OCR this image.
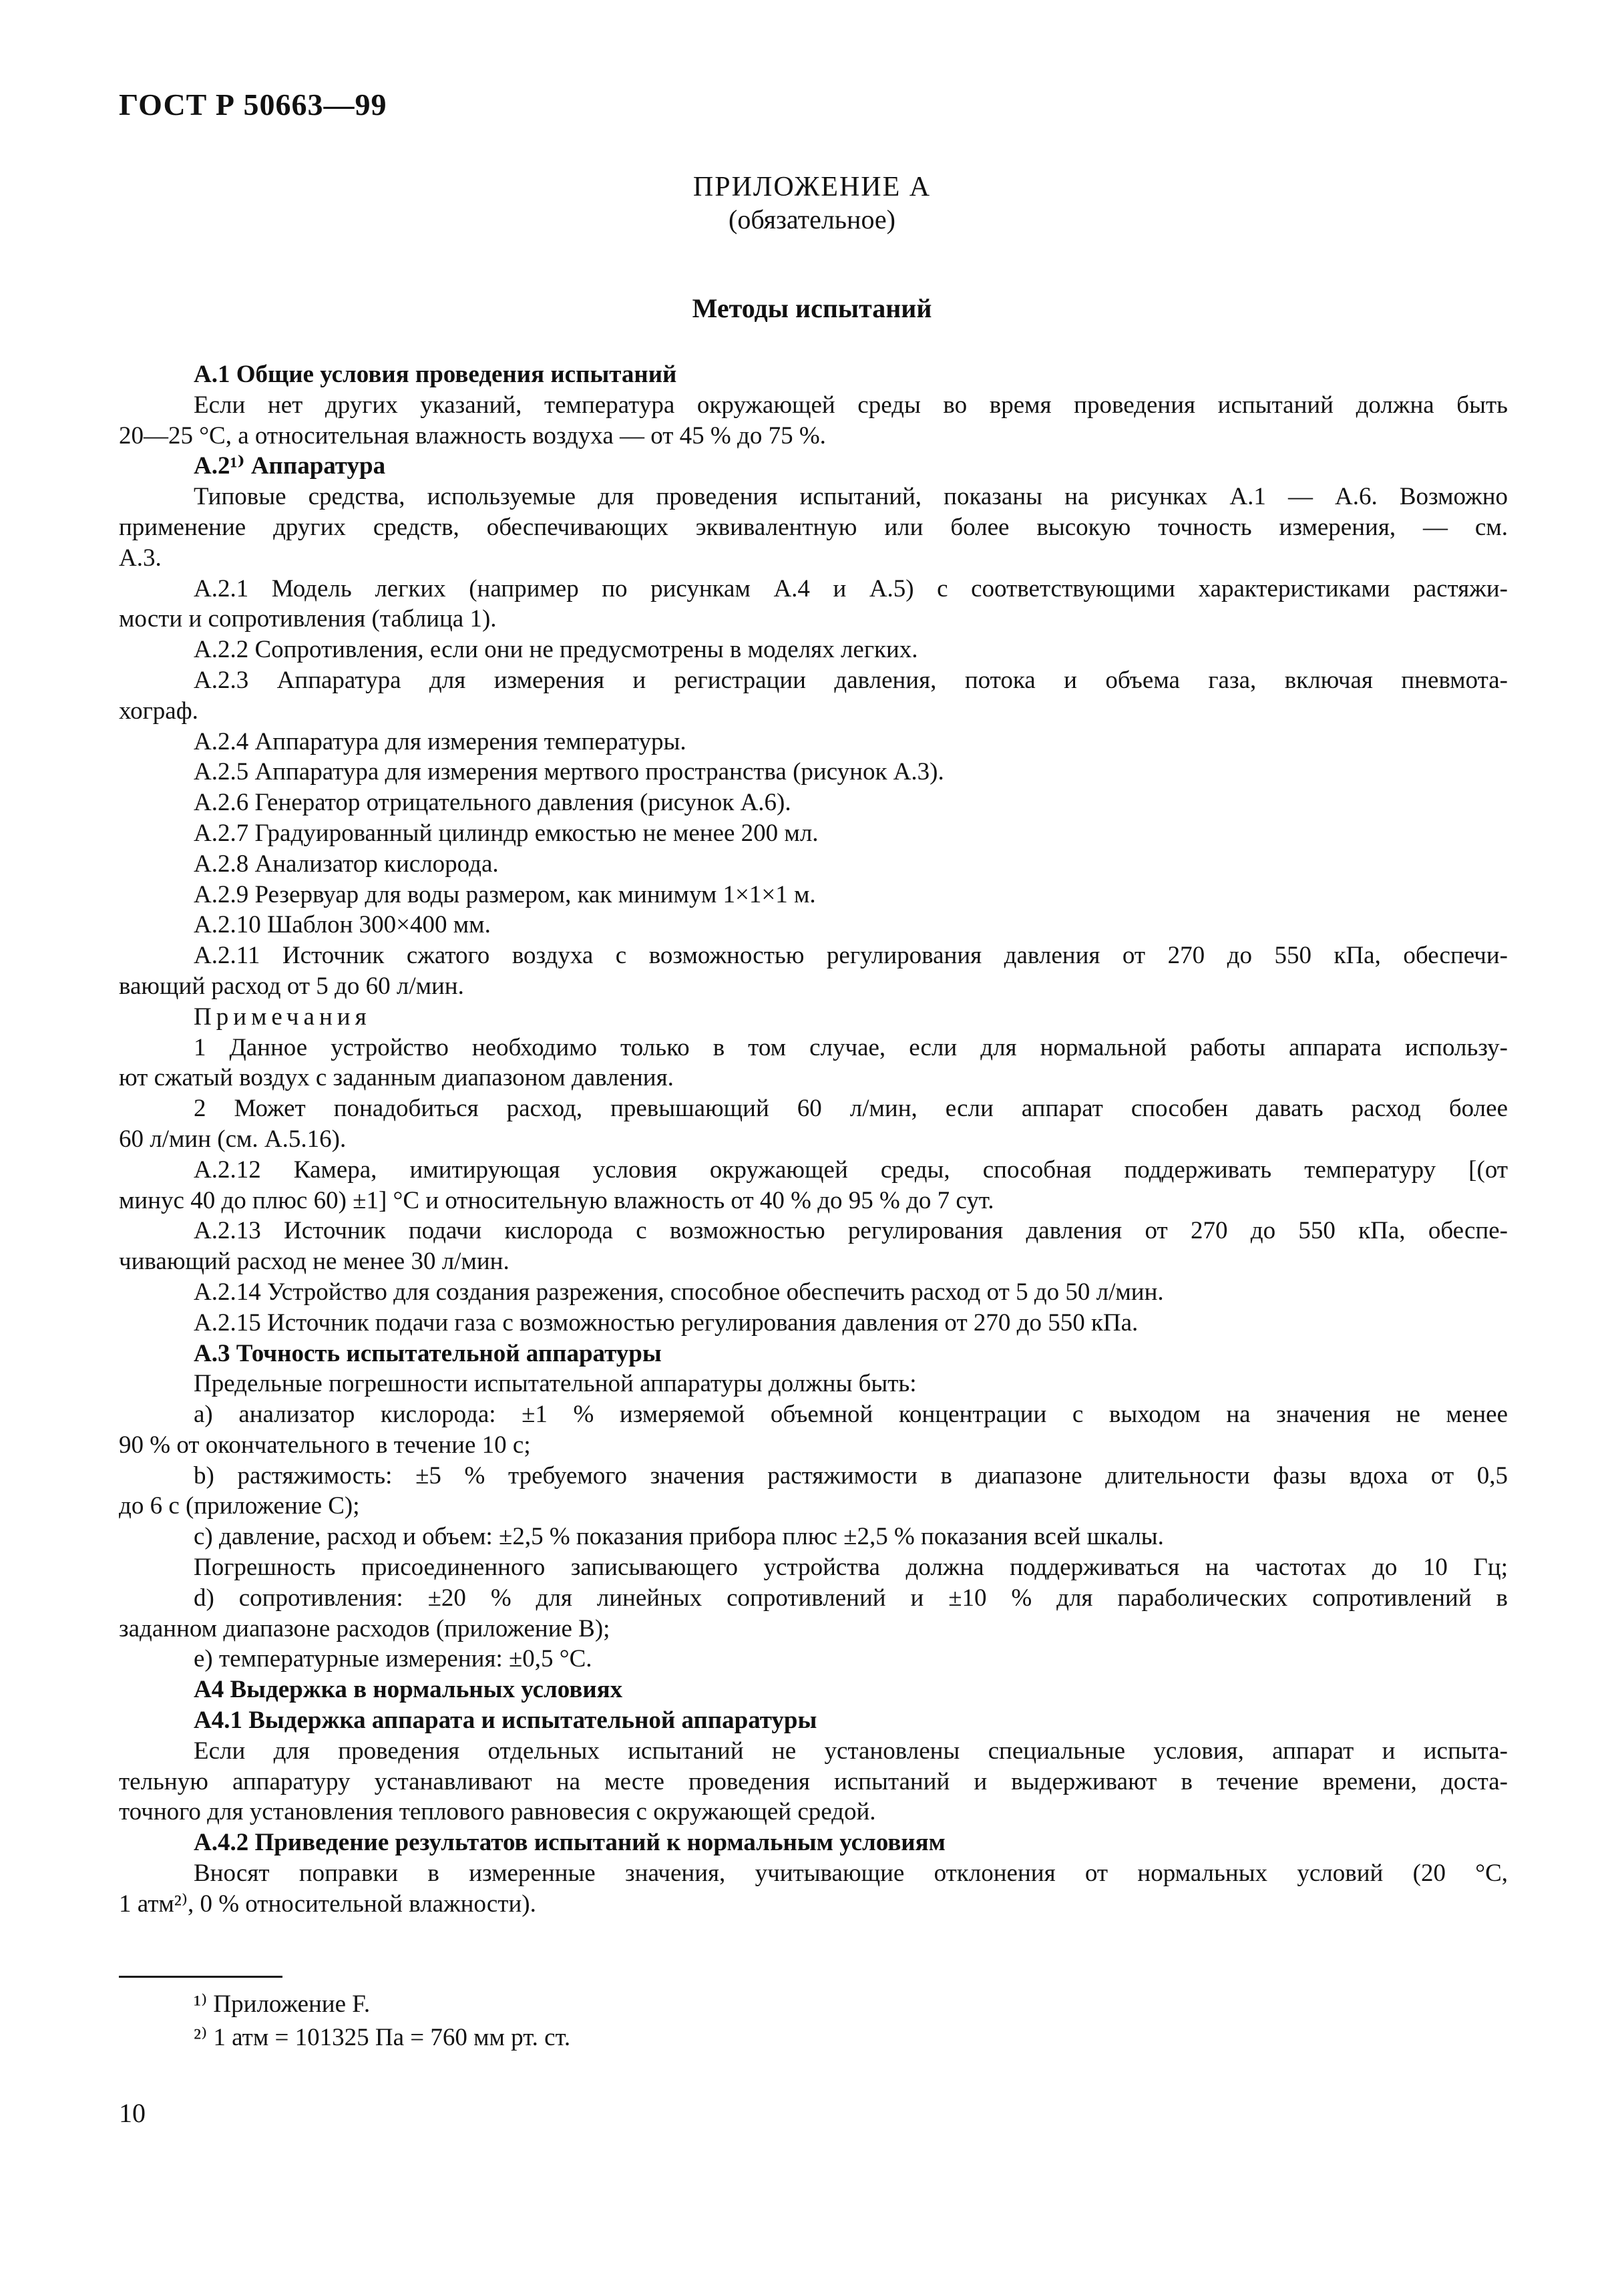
ГОСТ Р 50663—99
ПРИЛОЖЕНИЕ А
(обязательное)
Методы испытаний
А.1 Общие условия проведения испытаний
Если нет других указаний, температура окружающей среды во время проведения испытаний должна быть
20—25 °С, а относительная влажность воздуха — от 45 % до 75 %.
А.2¹⁾ Аппаратура
Типовые средства, используемые для проведения испытаний, показаны на рисунках А.1 — А.6. Возможно
применение других средств, обеспечивающих эквивалентную или более высокую точность измерения, — см.
А.3.
А.2.1 Модель легких (например по рисункам А.4 и А.5) с соответствующими характеристиками растяжи-
мости и сопротивления (таблица 1).
А.2.2 Сопротивления, если они не предусмотрены в моделях легких.
А.2.3 Аппаратура для измерения и регистрации давления, потока и объема газа, включая пневмота-
хограф.
А.2.4 Аппаратура для измерения температуры.
А.2.5 Аппаратура для измерения мертвого пространства (рисунок А.3).
А.2.6 Генератор отрицательного давления (рисунок А.6).
А.2.7 Градуированный цилиндр емкостью не менее 200 мл.
А.2.8 Анализатор кислорода.
А.2.9 Резервуар для воды размером, как минимум 1×1×1 м.
А.2.10 Шаблон 300×400 мм.
А.2.11 Источник сжатого воздуха с возможностью регулирования давления от 270 до 550 кПа, обеспечи-
вающий расход от 5 до 60 л/мин.
Примечания
1 Данное устройство необходимо только в том случае, если для нормальной работы аппарата использу-
ют сжатый воздух с заданным диапазоном давления.
2 Может понадобиться расход, превышающий 60 л/мин, если аппарат способен давать расход более
60 л/мин (см. А.5.16).
А.2.12 Камера, имитирующая условия окружающей среды, способная поддерживать температуру [(от
минус 40 до плюс 60) ±1] °С и относительную влажность от 40 % до 95 % до 7 сут.
А.2.13 Источник подачи кислорода с возможностью регулирования давления от 270 до 550 кПа, обеспе-
чивающий расход не менее 30 л/мин.
А.2.14 Устройство для создания разрежения, способное обеспечить расход от 5 до 50 л/мин.
А.2.15 Источник подачи газа с возможностью регулирования давления от 270 до 550 кПа.
А.3 Точность испытательной аппаратуры
Предельные погрешности испытательной аппаратуры должны быть:
a) анализатор кислорода: ±1 % измеряемой объемной концентрации с выходом на значения не менее
90 % от окончательного в течение 10 с;
b) растяжимость: ±5 % требуемого значения растяжимости в диапазоне длительности фазы вдоха от 0,5
до 6 с (приложение С);
c) давление, расход и объем: ±2,5 % показания прибора плюс ±2,5 % показания всей шкалы.
Погрешность присоединенного записывающего устройства должна поддерживаться на частотах до 10 Гц;
d) сопротивления: ±20 % для линейных сопротивлений и ±10 % для параболических сопротивлений в
заданном диапазоне расходов (приложение В);
e) температурные измерения: ±0,5 °С.
А4 Выдержка в нормальных условиях
А4.1 Выдержка аппарата и испытательной аппаратуры
Если для проведения отдельных испытаний не установлены специальные условия, аппарат и испыта-
тельную аппаратуру устанавливают на месте проведения испытаний и выдерживают в течение времени, доста-
точного для установления теплового равновесия с окружающей средой.
А.4.2 Приведение результатов испытаний к нормальным условиям
Вносят поправки в измеренные значения, учитывающие отклонения от нормальных условий (20 °С,
1 атм²⁾, 0 % относительной влажности).
¹⁾ Приложение F.
²⁾ 1 атм = 101325 Па = 760 мм рт. ст.
10
